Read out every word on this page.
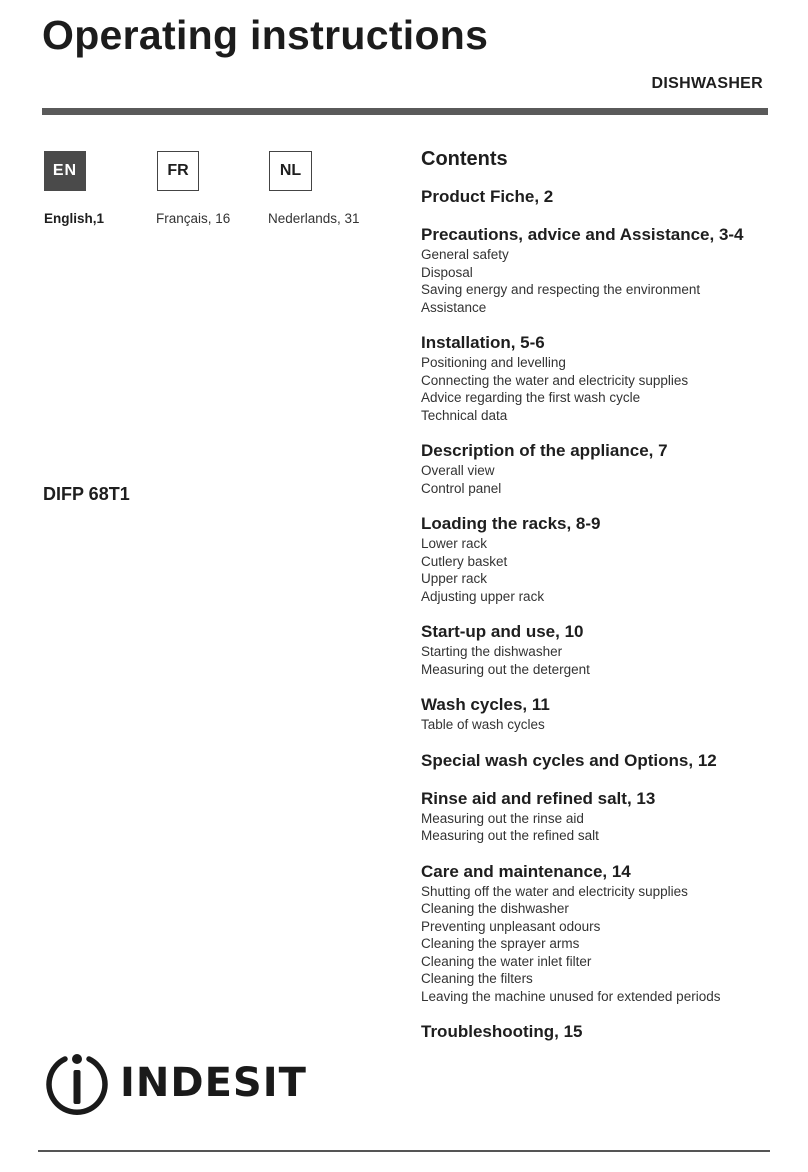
Operating instructions
DISHWASHER
EN	FR	NL
English,1	Français, 16	Nederlands, 31
DIFP 68T1
Contents
Product Fiche, 2
Precautions, advice and Assistance, 3-4
General safety
Disposal
Saving energy and respecting the environment
Assistance
Installation, 5-6
Positioning and levelling
Connecting the water and electricity supplies
Advice regarding the first wash cycle
Technical data
Description of the appliance, 7
Overall view
Control panel
Loading the racks, 8-9
Lower rack
Cutlery basket
Upper rack
Adjusting upper rack
Start-up and use, 10
Starting the dishwasher
Measuring out the detergent
Wash cycles, 11
Table of wash cycles
Special wash cycles and Options, 12
Rinse aid and refined salt, 13
Measuring out the rinse aid
Measuring out the refined salt
Care and maintenance, 14
Shutting off the water and electricity supplies
Cleaning the dishwasher
Preventing unpleasant odours
Cleaning the sprayer arms
Cleaning the water inlet filter
Cleaning the filters
Leaving the machine unused for extended periods
Troubleshooting, 15
INDESIT
